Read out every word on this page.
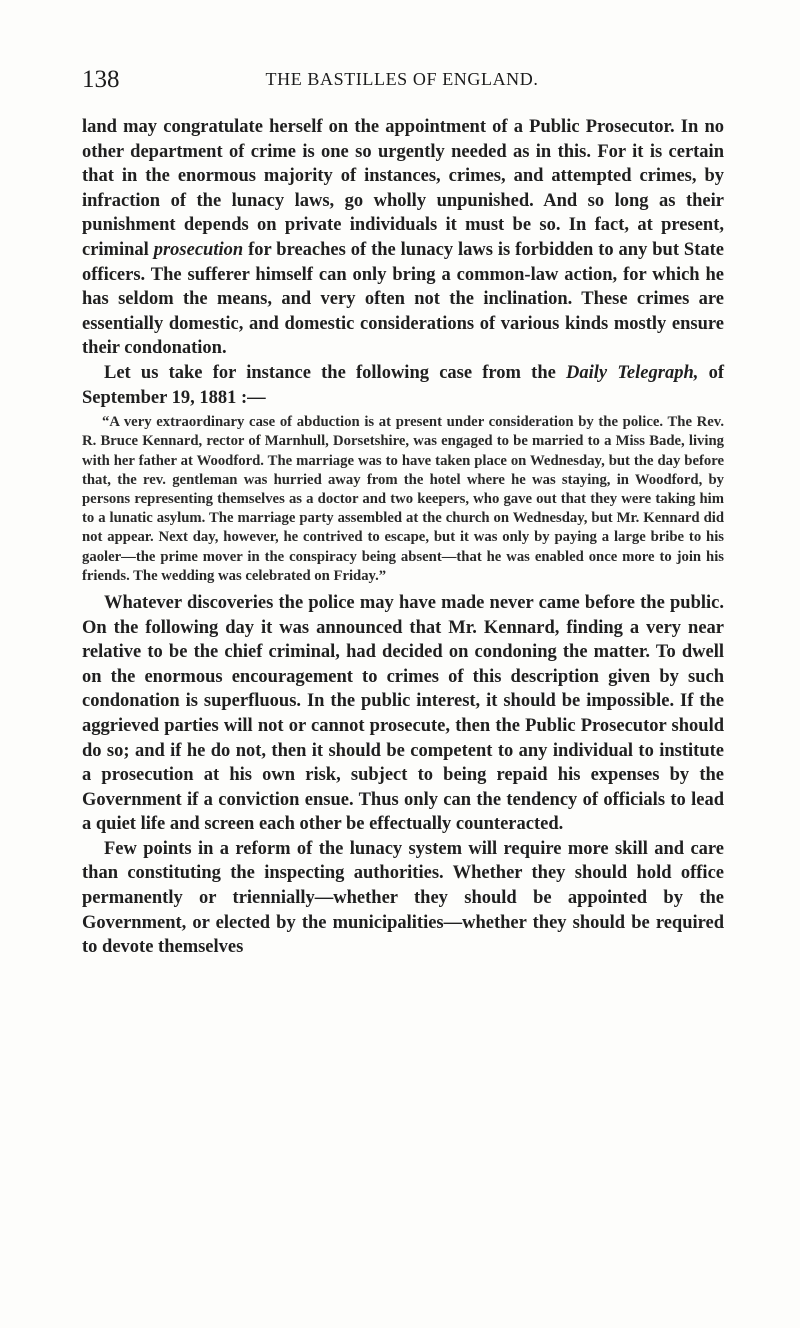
138	THE BASTILLES OF ENGLAND.

land may congratulate herself on the appointment of a Public Prosecutor. In no other department of crime is one so urgently needed as in this. For it is certain that in the enormous majority of instances, crimes, and attempted crimes, by infraction of the lunacy laws, go wholly unpunished. And so long as their punishment depends on private individuals it must be so. In fact, at present, criminal prosecution for breaches of the lunacy laws is forbidden to any but State officers. The sufferer himself can only bring a common-law action, for which he has seldom the means, and very often not the inclination. These crimes are essentially domestic, and domestic considerations of various kinds mostly ensure their condonation.

Let us take for instance the following case from the Daily Telegraph, of September 19, 1881 :—

“A very extraordinary case of abduction is at present under consideration by the police. The Rev. R. Bruce Kennard, rector of Marnhull, Dorsetshire, was engaged to be married to a Miss Bade, living with her father at Woodford. The marriage was to have taken place on Wednesday, but the day before that, the rev. gentleman was hurried away from the hotel where he was staying, in Woodford, by persons representing themselves as a doctor and two keepers, who gave out that they were taking him to a lunatic asylum. The marriage party assembled at the church on Wednesday, but Mr. Kennard did not appear. Next day, however, he contrived to escape, but it was only by paying a large bribe to his gaoler—the prime mover in the conspiracy being absent—that he was enabled once more to join his friends. The wedding was celebrated on Friday.”

Whatever discoveries the police may have made never came before the public. On the following day it was announced that Mr. Kennard, finding a very near relative to be the chief criminal, had decided on condoning the matter. To dwell on the enormous encouragement to crimes of this description given by such condonation is superfluous. In the public interest, it should be impossible. If the aggrieved parties will not or cannot prosecute, then the Public Prosecutor should do so; and if he do not, then it should be competent to any individual to institute a prosecution at his own risk, subject to being repaid his expenses by the Government if a conviction ensue. Thus only can the tendency of officials to lead a quiet life and screen each other be effectually counteracted.

Few points in a reform of the lunacy system will require more skill and care than constituting the inspecting authorities. Whether they should hold office permanently or triennially—whether they should be appointed by the Government, or elected by the municipalities—whether they should be required to devote themselves
